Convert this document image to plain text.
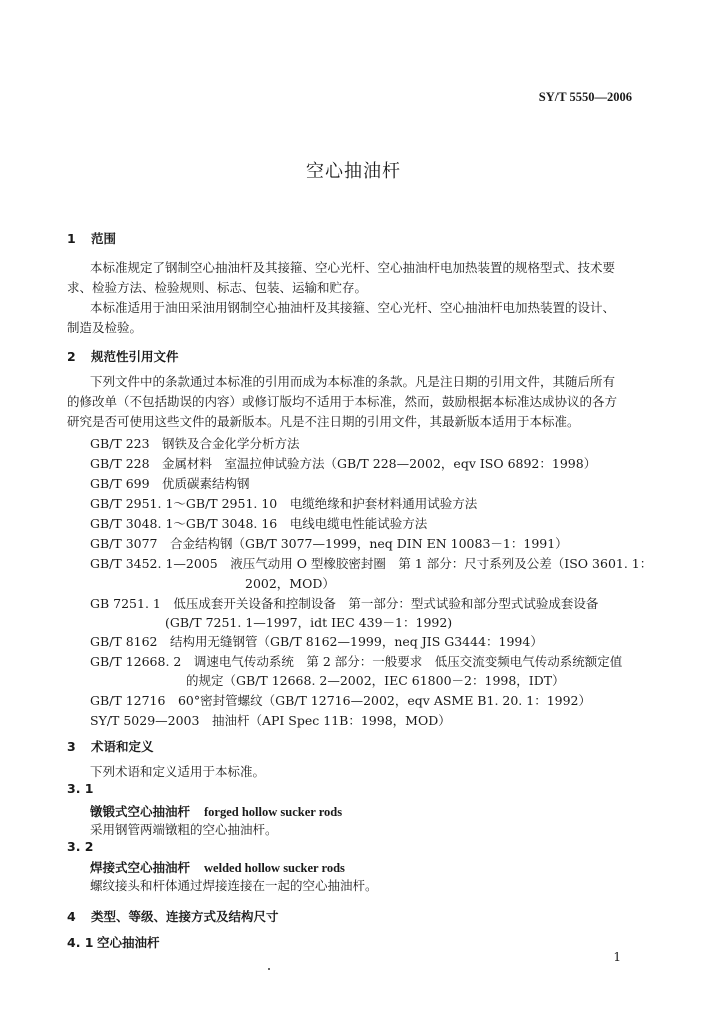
SY/T 5550—2006
空心抽油杆
1 范围
本标准规定了钢制空心抽油杆及其接箍、空心光杆、空心抽油杆电加热装置的规格型式、技术要
求、检验方法、检验规则、标志、包装、运输和贮存。
本标准适用于油田采油用钢制空心抽油杆及其接箍、空心光杆、空心抽油杆电加热装置的设计、
制造及检验。
2 规范性引用文件
下列文件中的条款通过本标准的引用而成为本标准的条款。凡是注日期的引用文件，其随后所有
的修改单（不包括勘误的内容）或修订版均不适用于本标准，然而，鼓励根据本标准达成协议的各方
研究是否可使用这些文件的最新版本。凡是不注日期的引用文件，其最新版本适用于本标准。
GB/T 223　钢铁及合金化学分析方法
GB/T 228　金属材料　室温拉伸试验方法（GB/T 228—2002，eqv ISO 6892：1998）
GB/T 699　优质碳素结构钢
GB/T 2951. 1～GB/T 2951. 10　电缆绝缘和护套材料通用试验方法
GB/T 3048. 1～GB/T 3048. 16　电线电缆电性能试验方法
GB/T 3077　合金结构钢（GB/T 3077—1999，neq DIN EN 10083－1：1991）
GB/T 3452. 1—2005　液压气动用 O 型橡胶密封圈　第 1 部分：尺寸系列及公差（ISO 3601. 1：
2002，MOD）
GB 7251. 1　低压成套开关设备和控制设备　第一部分：型式试验和部分型式试验成套设备
(GB/T 7251. 1—1997，idt IEC 439－1：1992)
GB/T 8162　结构用无缝钢管（GB/T 8162—1999，neq JIS G3444：1994）
GB/T 12668. 2　调速电气传动系统　第 2 部分：一般要求　低压交流变频电气传动系统额定值
的规定（GB/T 12668. 2—2002，IEC 61800－2：1998，IDT）
GB/T 12716　60°密封管螺纹（GB/T 12716—2002，eqv ASME B1. 20. 1：1992）
SY/T 5029—2003　抽油杆（API Spec 11B：1998，MOD）
3 术语和定义
下列术语和定义适用于本标准。
3. 1
镦锻式空心抽油杆 forged hollow sucker rods
采用钢管两端镦粗的空心抽油杆。
3. 2
焊接式空心抽油杆 welded hollow sucker rods
螺纹接头和杆体通过焊接连接在一起的空心抽油杆。
4 类型、等级、连接方式及结构尺寸
4. 1 空心抽油杆
1
